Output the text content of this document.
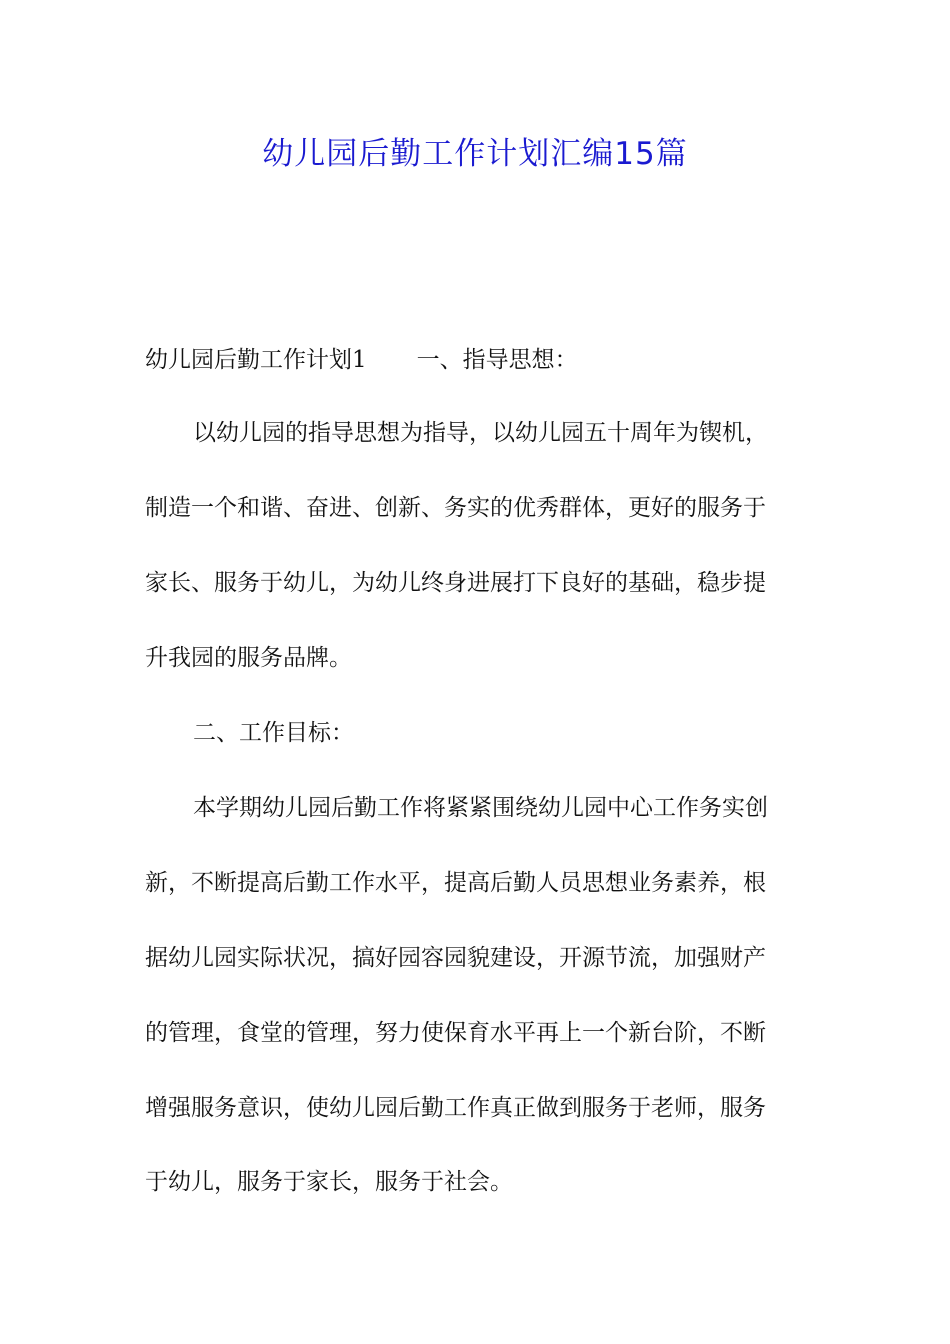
幼儿园后勤工作计划汇编15篇
幼儿园后勤工作计划1 一、指导思想：
以幼儿园的指导思想为指导，以幼儿园五十周年为锲机，
制造一个和谐、奋进、创新、务实的优秀群体，更好的服务于
家长、服务于幼儿，为幼儿终身进展打下良好的基础，稳步提
升我园的服务品牌。
二、工作目标：
本学期幼儿园后勤工作将紧紧围绕幼儿园中心工作务实创
新，不断提高后勤工作水平，提高后勤人员思想业务素养，根
据幼儿园实际状况，搞好园容园貌建设，开源节流，加强财产
的管理，食堂的管理，努力使保育水平再上一个新台阶，不断
增强服务意识，使幼儿园后勤工作真正做到服务于老师，服务
于幼儿，服务于家长，服务于社会。
